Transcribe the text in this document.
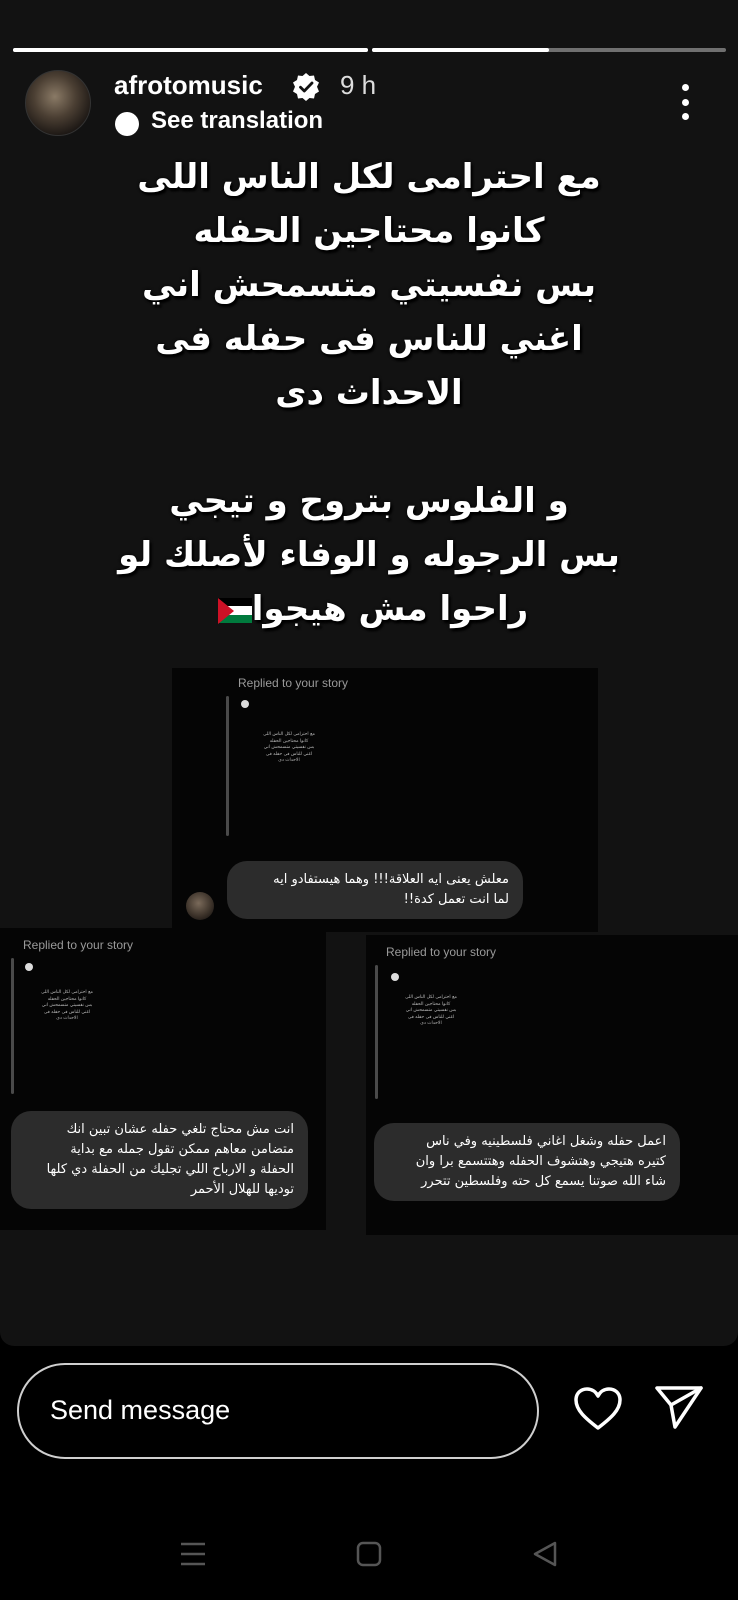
afrotomusic	9 h
See translation

مع احترامى لكل الناس اللى

كانوا محتاجين الحفله

بس نفسيتي متسمحش اني

اغني للناس فى حفله فى

الاحداث دى

و الفلوس بتروح و تيجي

بس الرجوله و الوفاء لأصلك لو

راحوا مش هيجوا

Replied to your story

مع احترامى لكل الناس اللى

كانوا محتاجين الحفله

بس نفسيتي متسمحش اني

اغني للناس فى حفله فى

الاحداث دى

معلش يعنى ايه العلاقة!!! وهما هيستفادو ايه
لما انت تعمل كدة!!
Replied to your story

مع احترامى لكل الناس اللى

كانوا محتاجين الحفله

بس نفسيتي متسمحش اني

اغني للناس فى حفله فى

الاحداث دى

انت مش محتاج تلغي حفله عشان تبين انك
متضامن معاهم ممكن تقول جمله مع بداية
الحفلة و الارباح اللي تجليك من الحفلة دي كلها
توديها للهلال الأحمر
Replied to your story

مع احترامى لكل الناس اللى

كانوا محتاجين الحفله

بس نفسيتي متسمحش اني

اغني للناس فى حفله فى

الاحداث دى

اعمل حفله وشغل اغاني فلسطينيه وفي ناس
كتيره هتيجي وهتشوف الحفله وهتتسمع برا وان
شاء الله صوتنا يسمع كل حته وفلسطين تتحرر
Send message
